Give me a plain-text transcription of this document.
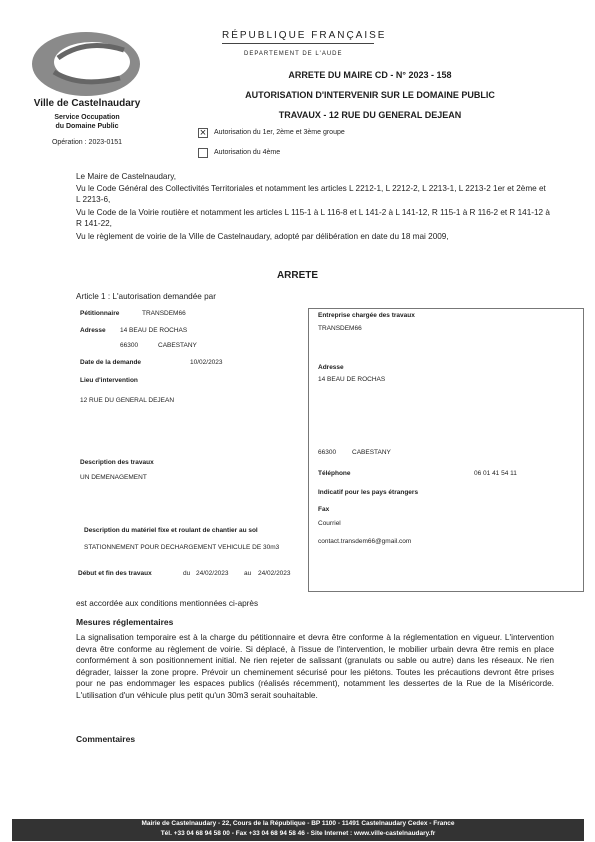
Ville de Castelnaudary
Service Occupation
du Domaine Public
Opération : 2023-0151
RÉPUBLIQUE FRANÇAISE
DEPARTEMENT DE L'AUDE
ARRETE DU MAIRE CD - N° 2023 - 158
AUTORISATION D'INTERVENIR SUR LE DOMAINE PUBLIC
TRAVAUX - 12 RUE DU GENERAL DEJEAN
× Autorisation du 1er, 2ème et 3ème groupe
Autorisation du 4ème
Le Maire de Castelnaudary,
Vu le Code Général des Collectivités Territoriales et notamment les articles L 2212-1, L 2212-2, L 2213-1, L 2213-2 1er et 2ème et L 2213-6,
Vu le Code de la Voirie routière et notamment les articles L 115-1 à L 116-8 et L 141-2 à L 141-12, R 115-1 à R 116-2 et R 141-12 à R 141-22,
Vu le règlement de voirie de la Ville de Castelnaudary, adopté par délibération en date du 18 mai 2009,
ARRETE
Article 1 : L'autorisation demandée par
Pétitionnaire	TRANSDEM66
Adresse 14 BEAU DE ROCHAS
66300	CABESTANY
Date de la demande	10/02/2023
Lieu d'intervention
12 RUE DU GENERAL DEJEAN
Description des travaux
UN DEMENAGEMENT
Description du matériel fixe et roulant de chantier au sol
STATIONNEMENT POUR DECHARGEMENT VEHICULE DE 30m3
Début et fin des travaux	du 24/02/2023 au 24/02/2023
Entreprise chargée des travaux
TRANSDEM66
Adresse
14 BEAU DE ROCHAS
66300 CABESTANY
Téléphone	06 01 41 54 11
Indicatif pour les pays étrangers
Fax
Courriel
contact.transdem66@gmail.com
est accordée aux conditions mentionnées ci-après
Mesures réglementaires
La signalisation temporaire est à la charge du pétitionnaire et devra être conforme à la réglementation en vigueur. L'intervention devra être conforme au règlement de voirie. Si déplacé, à l'issue de l'intervention, le mobilier urbain devra être remis en place conformément à son positionnement initial. Ne rien rejeter de salissant (granulats ou sable ou autre) dans les réseaux. Ne rien dégrader, laisser la zone propre. Prévoir un cheminement sécurisé pour les piétons. Toutes les précautions devront être prises pour ne pas endommager les espaces publics (réalisés récemment), notamment les dessertes de la Rue de la Miséricorde. L'utilisation d'un véhicule plus petit qu'un 30m3 serait souhaitable.
Commentaires
Mairie de Castelnaudary - 22, Cours de la République - BP 1100 - 11491 Castelnaudary Cedex - France
Tél. +33 04 68 94 58 00 - Fax +33 04 68 94 58 46 - Site Internet : www.ville-castelnaudary.fr
